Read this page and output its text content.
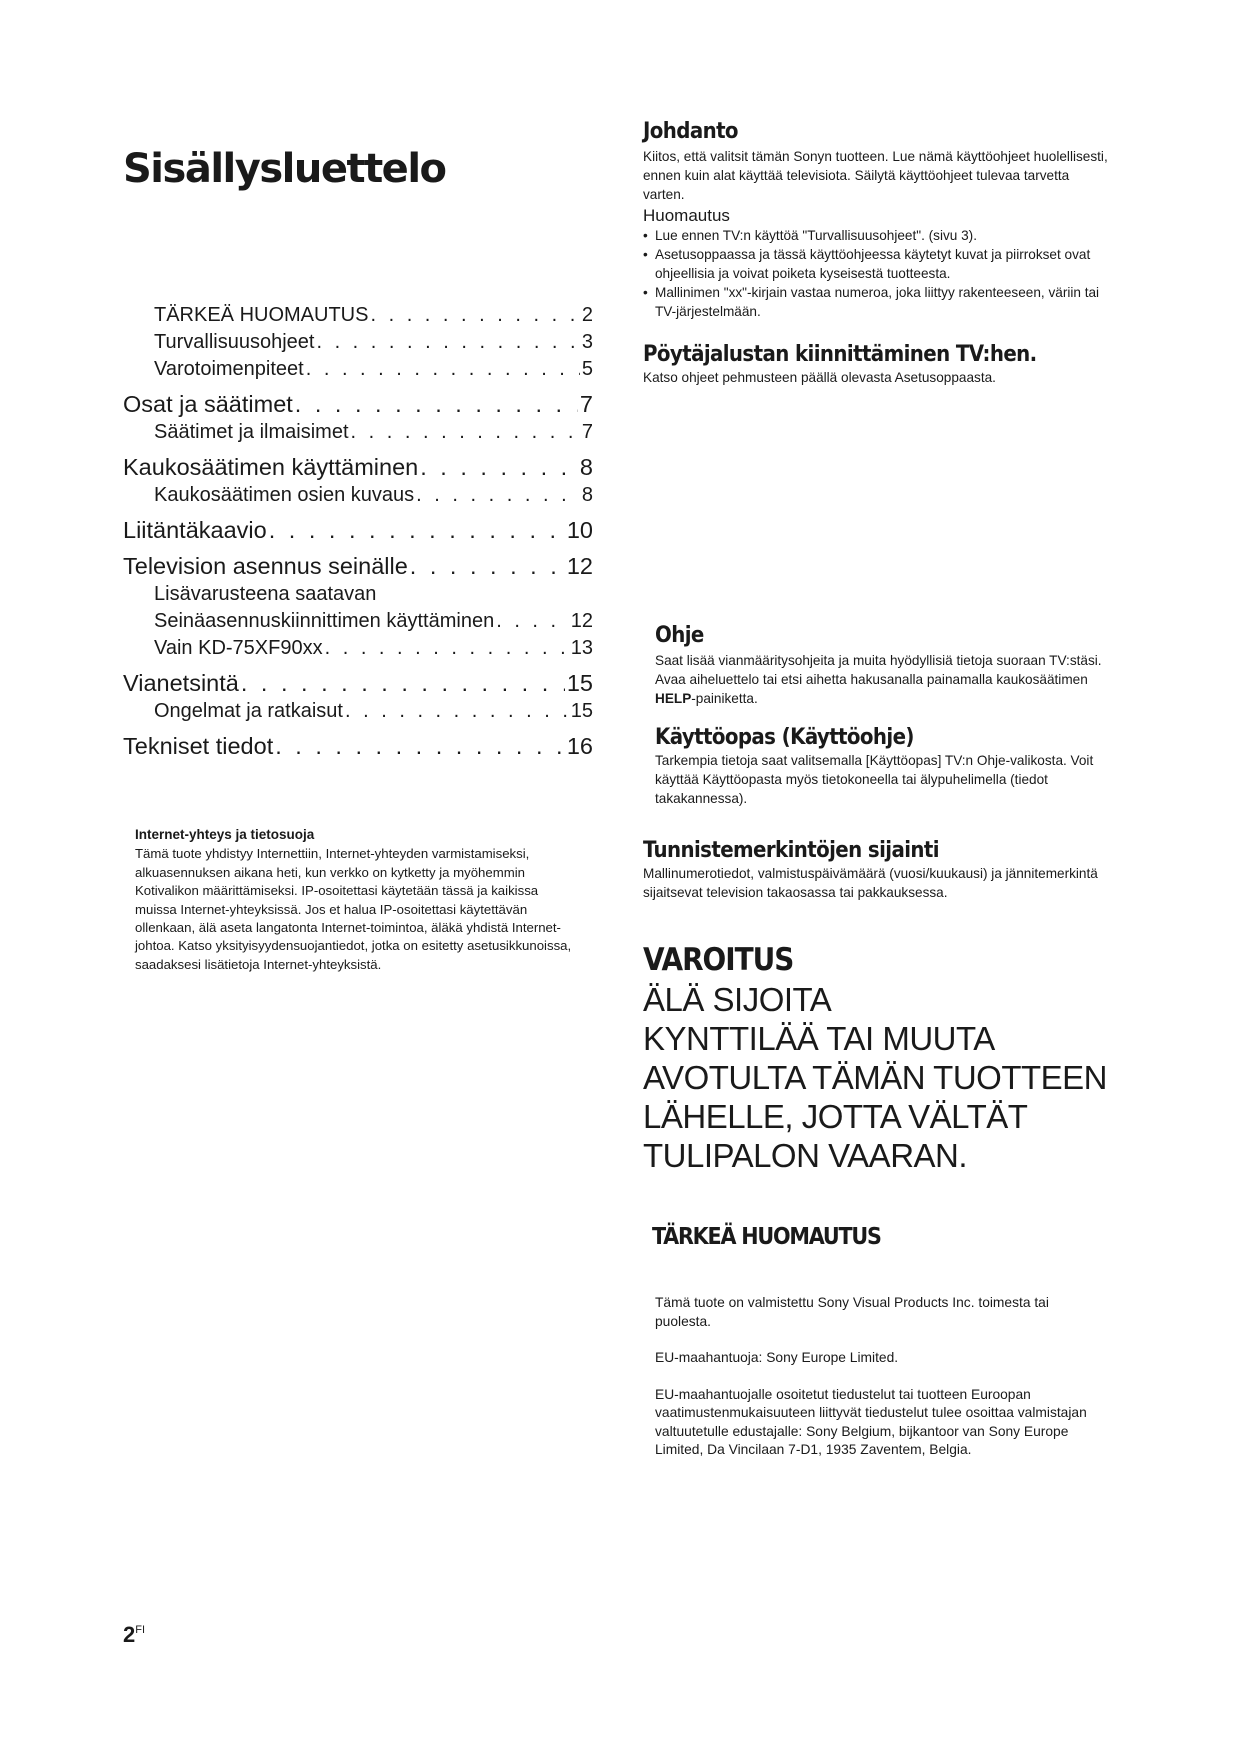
Sisällysluettelo
TÄRKEÄ HUOMAUTUS . . .	2
Turvallisuusohjeet . . .	3
Varotoimenpiteet . . .	5
Osat ja säätimet . . .	7
Säätimet ja ilmaisimet . . .	7
Kaukosäätimen käyttäminen . . .	8
Kaukosäätimen osien kuvaus . . .	8
Liitäntäkaavio . . .	10
Television asennus seinälle . . .	12
Lisävarusteena saatavan
Seinäasennuskiinnittimen käyttäminen . . .	12
Vain KD-75XF90xx . . .	13
Vianetsintä . . .	15
Ongelmat ja ratkaisut . . .	15
Tekniset tiedot . . .	16
Internet-yhteys ja tietosuoja
Tämä tuote yhdistyy Internettiin, Internet-yhteyden varmistamiseksi, alkuasennuksen aikana heti, kun verkko on kytketty ja myöhemmin Kotivalikon määrittämiseksi. IP-osoitettasi käytetään tässä ja kaikissa muissa Internet-yhteyksissä. Jos et halua IP-osoitettasi käytettävän ollenkaan, älä aseta langatonta Internet-toimintoa, äläkä yhdistä Internet-johtoa. Katso yksityisyydensuojantiedot, jotka on esitetty asetusikkunoissa, saadaksesi lisätietoja Internet-yhteyksistä.
Johdanto
Kiitos, että valitsit tämän Sonyn tuotteen. Lue nämä käyttöohjeet huolellisesti, ennen kuin alat käyttää televisiota. Säilytä käyttöohjeet tulevaa tarvetta varten.
Huomautus
• Lue ennen TV:n käyttöä "Turvallisuusohjeet". (sivu 3).
• Asetusoppaassa ja tässä käyttöohjeessa käytetyt kuvat ja piirrokset ovat ohjeellisia ja voivat poiketa kyseisestä tuotteesta.
• Mallinimen "xx"-kirjain vastaa numeroa, joka liittyy rakenteeseen, väriin tai TV-järjestelmään.
Pöytäjalustan kiinnittäminen TV:hen.
Katso ohjeet pehmusteen päällä olevasta Asetusoppaasta.
Ohje
Saat lisää vianmääritysohjeita ja muita hyödyllisiä tietoja suoraan TV:stäsi. Avaa aiheluettelo tai etsi aihetta hakusanalla painamalla kaukosäätimen HELP-painiketta.
Käyttöopas (Käyttöohje)
Tarkempia tietoja saat valitsemalla [Käyttöopas] TV:n Ohje-valikosta. Voit käyttää Käyttöopasta myös tietokoneella tai älypuhelimella (tiedot takakannessa).
Tunnistemerkintöjen sijainti
Mallinumerotiedot, valmistuspäivämäärä (vuosi/kuukausi) ja jännitemerkintä sijaitsevat television takaosassa tai pakkauksessa.
VAROITUS
ÄLÄ SIJOITA
KYNTTILÄÄ TAI MUUTA
AVOTULTA TÄMÄN TUOTTEEN
LÄHELLE, JOTTA VÄLTÄT
TULIPALON VAARAN.
TÄRKEÄ HUOMAUTUS

Tämä tuote on valmistettu Sony Visual Products Inc. toimesta tai puolesta.

EU-maahantuoja: Sony Europe Limited.

EU-maahantuojalle osoitetut tiedustelut tai tuotteen Euroopan vaatimustenmukaisuuteen liittyvät tiedustelut tulee osoittaa valmistajan valtuutetulle edustajalle: Sony Belgium, bijkantoor van Sony Europe Limited, Da Vincilaan 7-D1, 1935 Zaventem, Belgia.

$2^{FI}$
